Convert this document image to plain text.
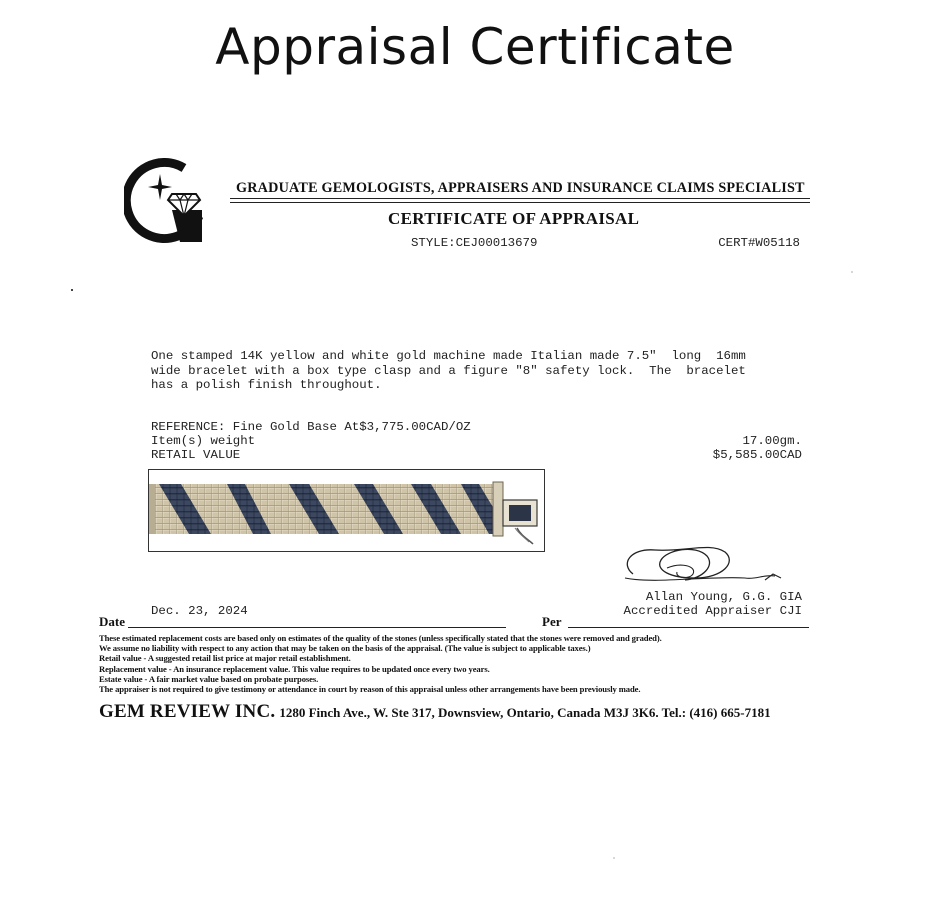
Appraisal Certificate
GRADUATE GEMOLOGISTS, APPRAISERS AND INSURANCE CLAIMS SPECIALIST
CERTIFICATE OF APPRAISAL
STYLE:CEJ00013679	CERT#W05118
One stamped 14K yellow and white gold machine made Italian made 7.5"  long  16mm
wide bracelet with a box type clasp and a figure "8" safety lock.  The  bracelet
has a polish finish throughout.
REFERENCE: Fine Gold Base At$3,775.00CAD/OZ
Item(s) weight	17.00gm.
RETAIL VALUE	$5,585.00CAD
Allan Young, G.G. GIA
Accredited Appraiser CJI
Date
Dec. 23, 2024
Per
These estimated replacement costs are based only on estimates of the quality of the stones (unless specifically stated that the stones were removed and graded).
We assume no liability with respect to any action that may be taken on the basis of the appraisal. (The value is subject to applicable taxes.)
Retail value - A suggested retail list price at major retail establishment.
Replacement value - An insurance replacement value. This value requires to be updated once every two years.
Estate value - A fair market value based on probate purposes.
The appraiser is not required to give testimony or attendance in court by reason of this appraisal unless other arrangements have been previously made.
GEM REVIEW INC. 1280 Finch Ave., W. Ste 317, Downsview, Ontario, Canada M3J 3K6. Tel.: (416) 665-7181
